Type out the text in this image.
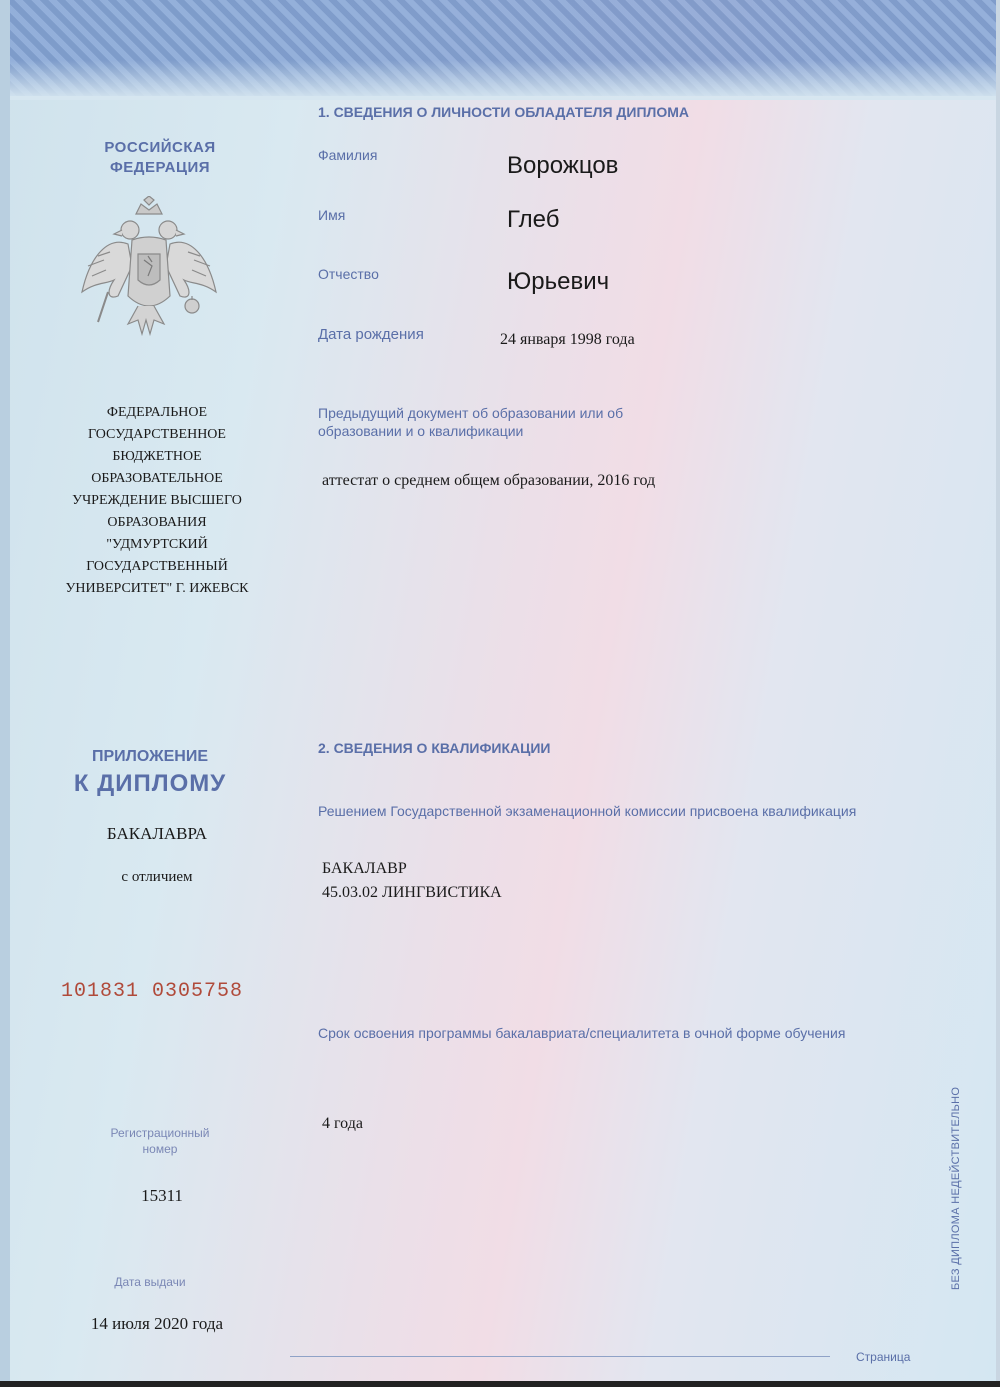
РОССИЙСКАЯ ФЕДЕРАЦИЯ
ФЕДЕРАЛЬНОЕ ГОСУДАРСТВЕННОЕ БЮДЖЕТНОЕ ОБРАЗОВАТЕЛЬНОЕ УЧРЕЖДЕНИЕ ВЫСШЕГО ОБРАЗОВАНИЯ "УДМУРТСКИЙ ГОСУДАРСТВЕННЫЙ УНИВЕРСИТЕТ" Г. ИЖЕВСК
ПРИЛОЖЕНИЕ
К ДИПЛОМУ
БАКАЛАВРА
с отличием
101831 0305758
Регистрационный номер
15311
Дата выдачи
14 июля 2020 года
1. СВЕДЕНИЯ О ЛИЧНОСТИ ОБЛАДАТЕЛЯ ДИПЛОМА
Фамилия	Ворожцов
Имя	Глеб
Отчество	Юрьевич
Дата рождения	24 января 1998 года
Предыдущий документ об образовании или об образовании и о квалификации
аттестат о среднем общем образовании, 2016 год
2. СВЕДЕНИЯ О КВАЛИФИКАЦИИ
Решением Государственной экзаменационной комиссии присвоена квалификация
БАКАЛАВР
45.03.02 ЛИНГВИСТИКА
Срок освоения программы бакалавриата/специалитета в очной форме обучения
4 года	БЕЗ ДИПЛОМА НЕДЕЙСТВИТЕЛЬНО
Страница
